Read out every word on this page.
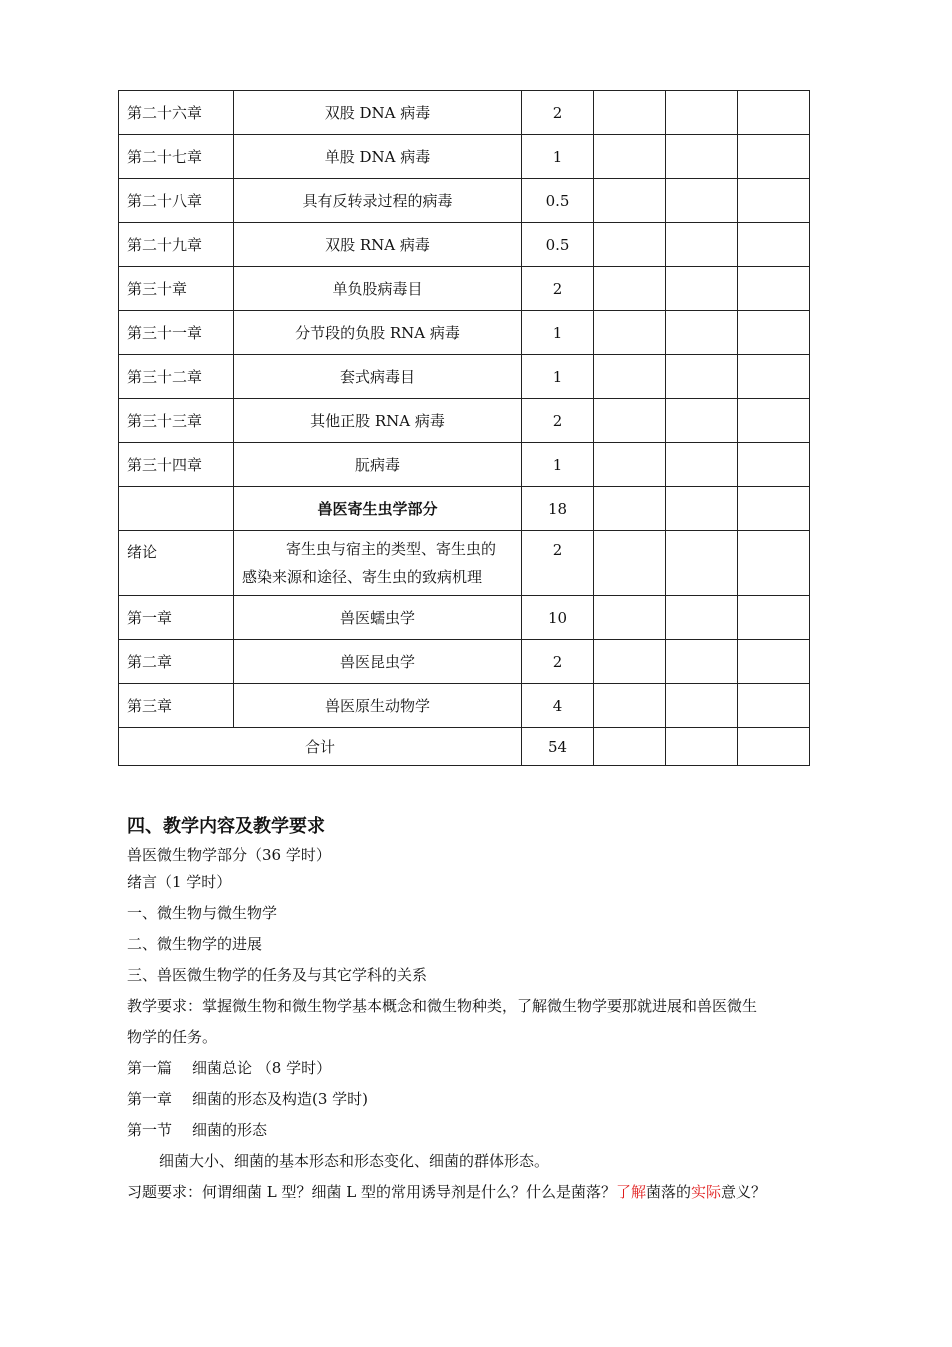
第二十六章	双股 DNA 病毒	2			
第二十七章	单股 DNA 病毒	1			
第二十八章	具有反转录过程的病毒	0.5			
第二十九章	双股 RNA 病毒	0.5			
第三十章	单负股病毒目	2			
第三十一章	分节段的负股 RNA 病毒	1			
第三十二章	套式病毒目	1			
第三十三章	其他正股 RNA 病毒	2			
第三十四章	朊病毒	1			
	兽医寄生虫学部分	18			
绪论	寄生虫与宿主的类型、寄生虫的
感染来源和途径、寄生虫的致病机理	2			
第一章	兽医蠕虫学	10			
第二章	兽医昆虫学	2			
第三章	兽医原生动物学	4			
合计		54			
四、教学内容及教学要求
兽医微生物学部分（36 学时）
绪言（1 学时）
一、微生物与微生物学
二、微生物学的进展
三、兽医微生物学的任务及与其它学科的关系
教学要求：掌握微生物和微生物学基本概念和微生物种类，了解微生物学要那就进展和兽医微生
物学的任务。
第一篇 细菌总论 （8 学时）
第一章 细菌的形态及构造(3 学时)
第一节 细菌的形态
细菌大小、细菌的基本形态和形态变化、细菌的群体形态。
习题要求：何谓细菌 L 型？细菌 L 型的常用诱导剂是什么？什么是菌落？了解菌落的实际意义？
